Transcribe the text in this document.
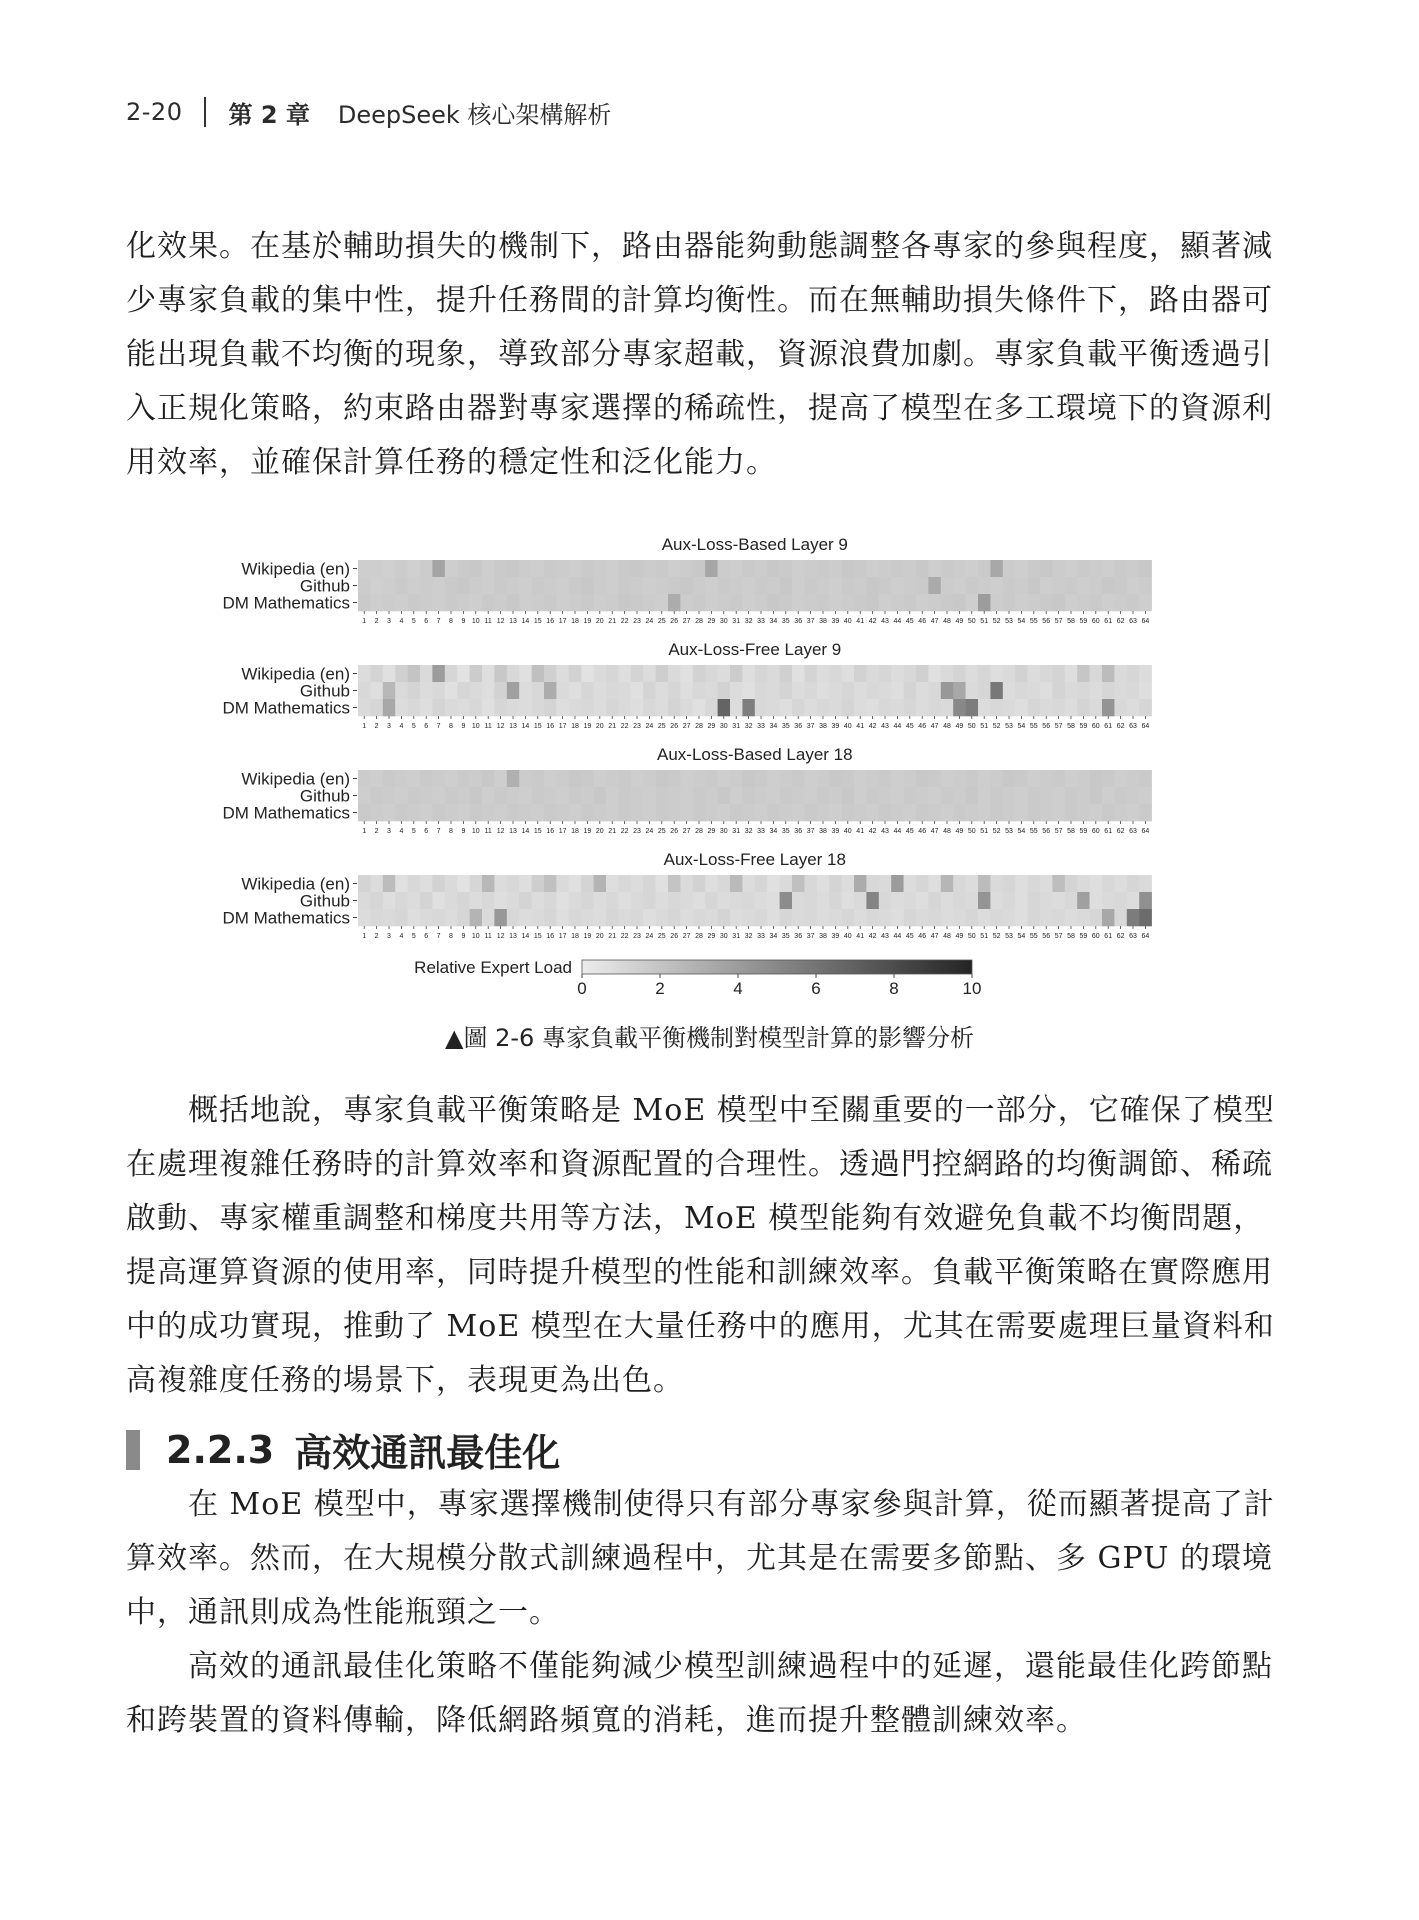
2-20 第 2 章 DeepSeek 核心架構解析

化效果。在基於輔助損失的機制下，路由器能夠動態調整各專家的參與程度，顯著減少專家負載的集中性，提升任務間的計算均衡性。而在無輔助損失條件下，路由器可能出現負載不均衡的現象，導致部分專家超載，資源浪費加劇。專家負載平衡透過引入正規化策略，約束路由器對專家選擇的稀疏性，提高了模型在多工環境下的資源利用效率，並確保計算任務的穩定性和泛化能力。

Aux-Loss-Based Layer 9
Wikipedia (en)
Github
DM Mathematics
1 2 3 4 5 6 7 8 9 10 11 12 13 14 15 16 17 18 19 20 21 22 23 24 25 26 27 28 29 30 31 32 33 34 35 36 37 38 39 40 41 42 43 44 45 46 47 48 49 50 51 52 53 54 55 56 57 58 59 60 61 62 63 64
Aux-Loss-Free Layer 9
Wikipedia (en)
Github
DM Mathematics
1 2 3 4 5 6 7 8 9 10 11 12 13 14 15 16 17 18 19 20 21 22 23 24 25 26 27 28 29 30 31 32 33 34 35 36 37 38 39 40 41 42 43 44 45 46 47 48 49 50 51 52 53 54 55 56 57 58 59 60 61 62 63 64
Aux-Loss-Based Layer 18
Wikipedia (en)
Github
DM Mathematics
1 2 3 4 5 6 7 8 9 10 11 12 13 14 15 16 17 18 19 20 21 22 23 24 25 26 27 28 29 30 31 32 33 34 35 36 37 38 39 40 41 42 43 44 45 46 47 48 49 50 51 52 53 54 55 56 57 58 59 60 61 62 63 64
Aux-Loss-Free Layer 18
Wikipedia (en)
Github
DM Mathematics
1 2 3 4 5 6 7 8 9 10 11 12 13 14 15 16 17 18 19 20 21 22 23 24 25 26 27 28 29 30 31 32 33 34 35 36 37 38 39 40 41 42 43 44 45 46 47 48 49 50 51 52 53 54 55 56 57 58 59 60 61 62 63 64
Relative Expert Load
0	2	4	6	8	10
▲圖 2-6 專家負載平衡機制對模型計算的影響分析

概括地說，專家負載平衡策略是 MoE 模型中至關重要的一部分，它確保了模型在處理複雜任務時的計算效率和資源配置的合理性。透過門控網路的均衡調節、稀疏啟動、專家權重調整和梯度共用等方法，MoE 模型能夠有效避免負載不均衡問題，提高運算資源的使用率，同時提升模型的性能和訓練效率。負載平衡策略在實際應用中的成功實現，推動了 MoE 模型在大量任務中的應用，尤其在需要處理巨量資料和高複雜度任務的場景下，表現更為出色。

2.2.3 高效通訊最佳化

在 MoE 模型中，專家選擇機制使得只有部分專家參與計算，從而顯著提高了計算效率。然而，在大規模分散式訓練過程中，尤其是在需要多節點、多 GPU 的環境中，通訊則成為性能瓶頸之一。

高效的通訊最佳化策略不僅能夠減少模型訓練過程中的延遲，還能最佳化跨節點和跨裝置的資料傳輸，降低網路頻寬的消耗，進而提升整體訓練效率。
